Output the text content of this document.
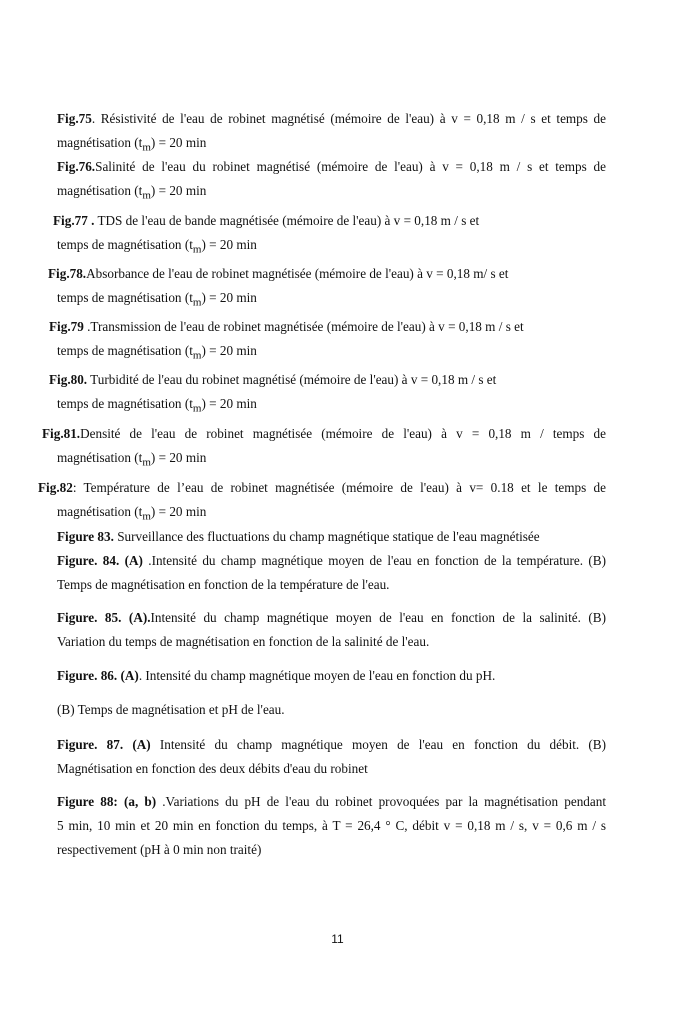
Fig.75. Résistivité de l'eau de robinet magnétisé (mémoire de l'eau) à v = 0,18 m / s et temps de
magnétisation $(t_m) = 20$ min
Fig.76.Salinité de l'eau du robinet magnétisé (mémoire de l'eau) à v = 0,18 m / s et temps de
magnétisation $(t_m) = 20$ min
Fig.77 . TDS de l'eau de bande magnétisée (mémoire de l'eau) à v = 0,18 m / s et
temps de magnétisation $(t_m) = 20$ min
Fig.78.Absorbance de l'eau de robinet magnétisée (mémoire de l'eau) à v = 0,18 m/ s et
temps de magnétisation $(t_m) = 20$ min
Fig.79 .Transmission de l'eau de robinet magnétisée (mémoire de l'eau) à v = 0,18 m / s et
temps de magnétisation $(t_m) = 20$ min
Fig.80. Turbidité de l'eau du robinet magnétisé (mémoire de l'eau) à v = 0,18 m / s et
temps de magnétisation $(t_m) = 20$ min
Fig.81.Densité de l'eau de robinet magnétisée (mémoire de l'eau) à v = 0,18 m / temps de
magnétisation $(t_m) = 20$ min
Fig.82: Température de l’eau de robinet magnétisée (mémoire de l'eau) à v= 0.18 et le temps de
magnétisation $(t_m) = 20$ min
Figure 83. Surveillance des fluctuations du champ magnétique statique de l'eau magnétisée
Figure. 84. (A) .Intensité du champ magnétique moyen de l'eau en fonction de la température. (B)
Temps de magnétisation en fonction de la température de l'eau.
Figure. 85. (A).Intensité du champ magnétique moyen de l'eau en fonction de la salinité. (B)
Variation du temps de magnétisation en fonction de la salinité de l'eau.
Figure. 86. (A). Intensité du champ magnétique moyen de l'eau en fonction du pH.
(B) Temps de magnétisation et pH de l'eau.
Figure. 87. (A) Intensité du champ magnétique moyen de l'eau en fonction du débit. (B)
Magnétisation en fonction des deux débits d'eau du robinet
Figure 88: (a, b) .Variations du pH de l'eau du robinet provoquées par la magnétisation pendant
5 min, 10 min et 20 min en fonction du temps, à T = 26,4 ° C, débit v = 0,18 m / s, v = 0,6 m / s
respectivement (pH à 0 min non traité)
11
